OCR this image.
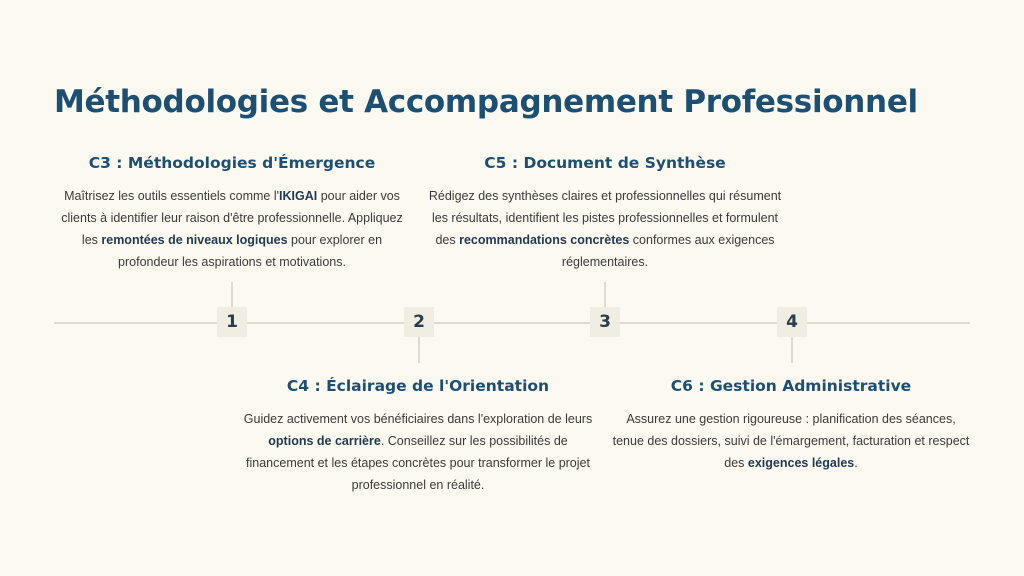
Méthodologies et Accompagnement Professionnel
1
C3 : Méthodologies d'Émergence

Maîtrisez les outils essentiels comme l'IKIGAI pour aider vos clients à identifier leur raison d'être professionnelle. Appliquez les remontées de niveaux logiques pour explorer en profondeur les aspirations et motivations.

2
C4 : Éclairage de l'Orientation

Guidez activement vos bénéficiaires dans l'exploration de leurs options de carrière. Conseillez sur les possibilités de financement et les étapes concrètes pour transformer le projet professionnel en réalité.

3
C5 : Document de Synthèse

Rédigez des synthèses claires et professionnelles qui résument les résultats, identifient les pistes professionnelles et formulent des recommandations concrètes conformes aux exigences réglementaires.

4
C6 : Gestion Administrative

Assurez une gestion rigoureuse : planification des séances, tenue des dossiers, suivi de l'émargement, facturation et respect des exigences légales.
